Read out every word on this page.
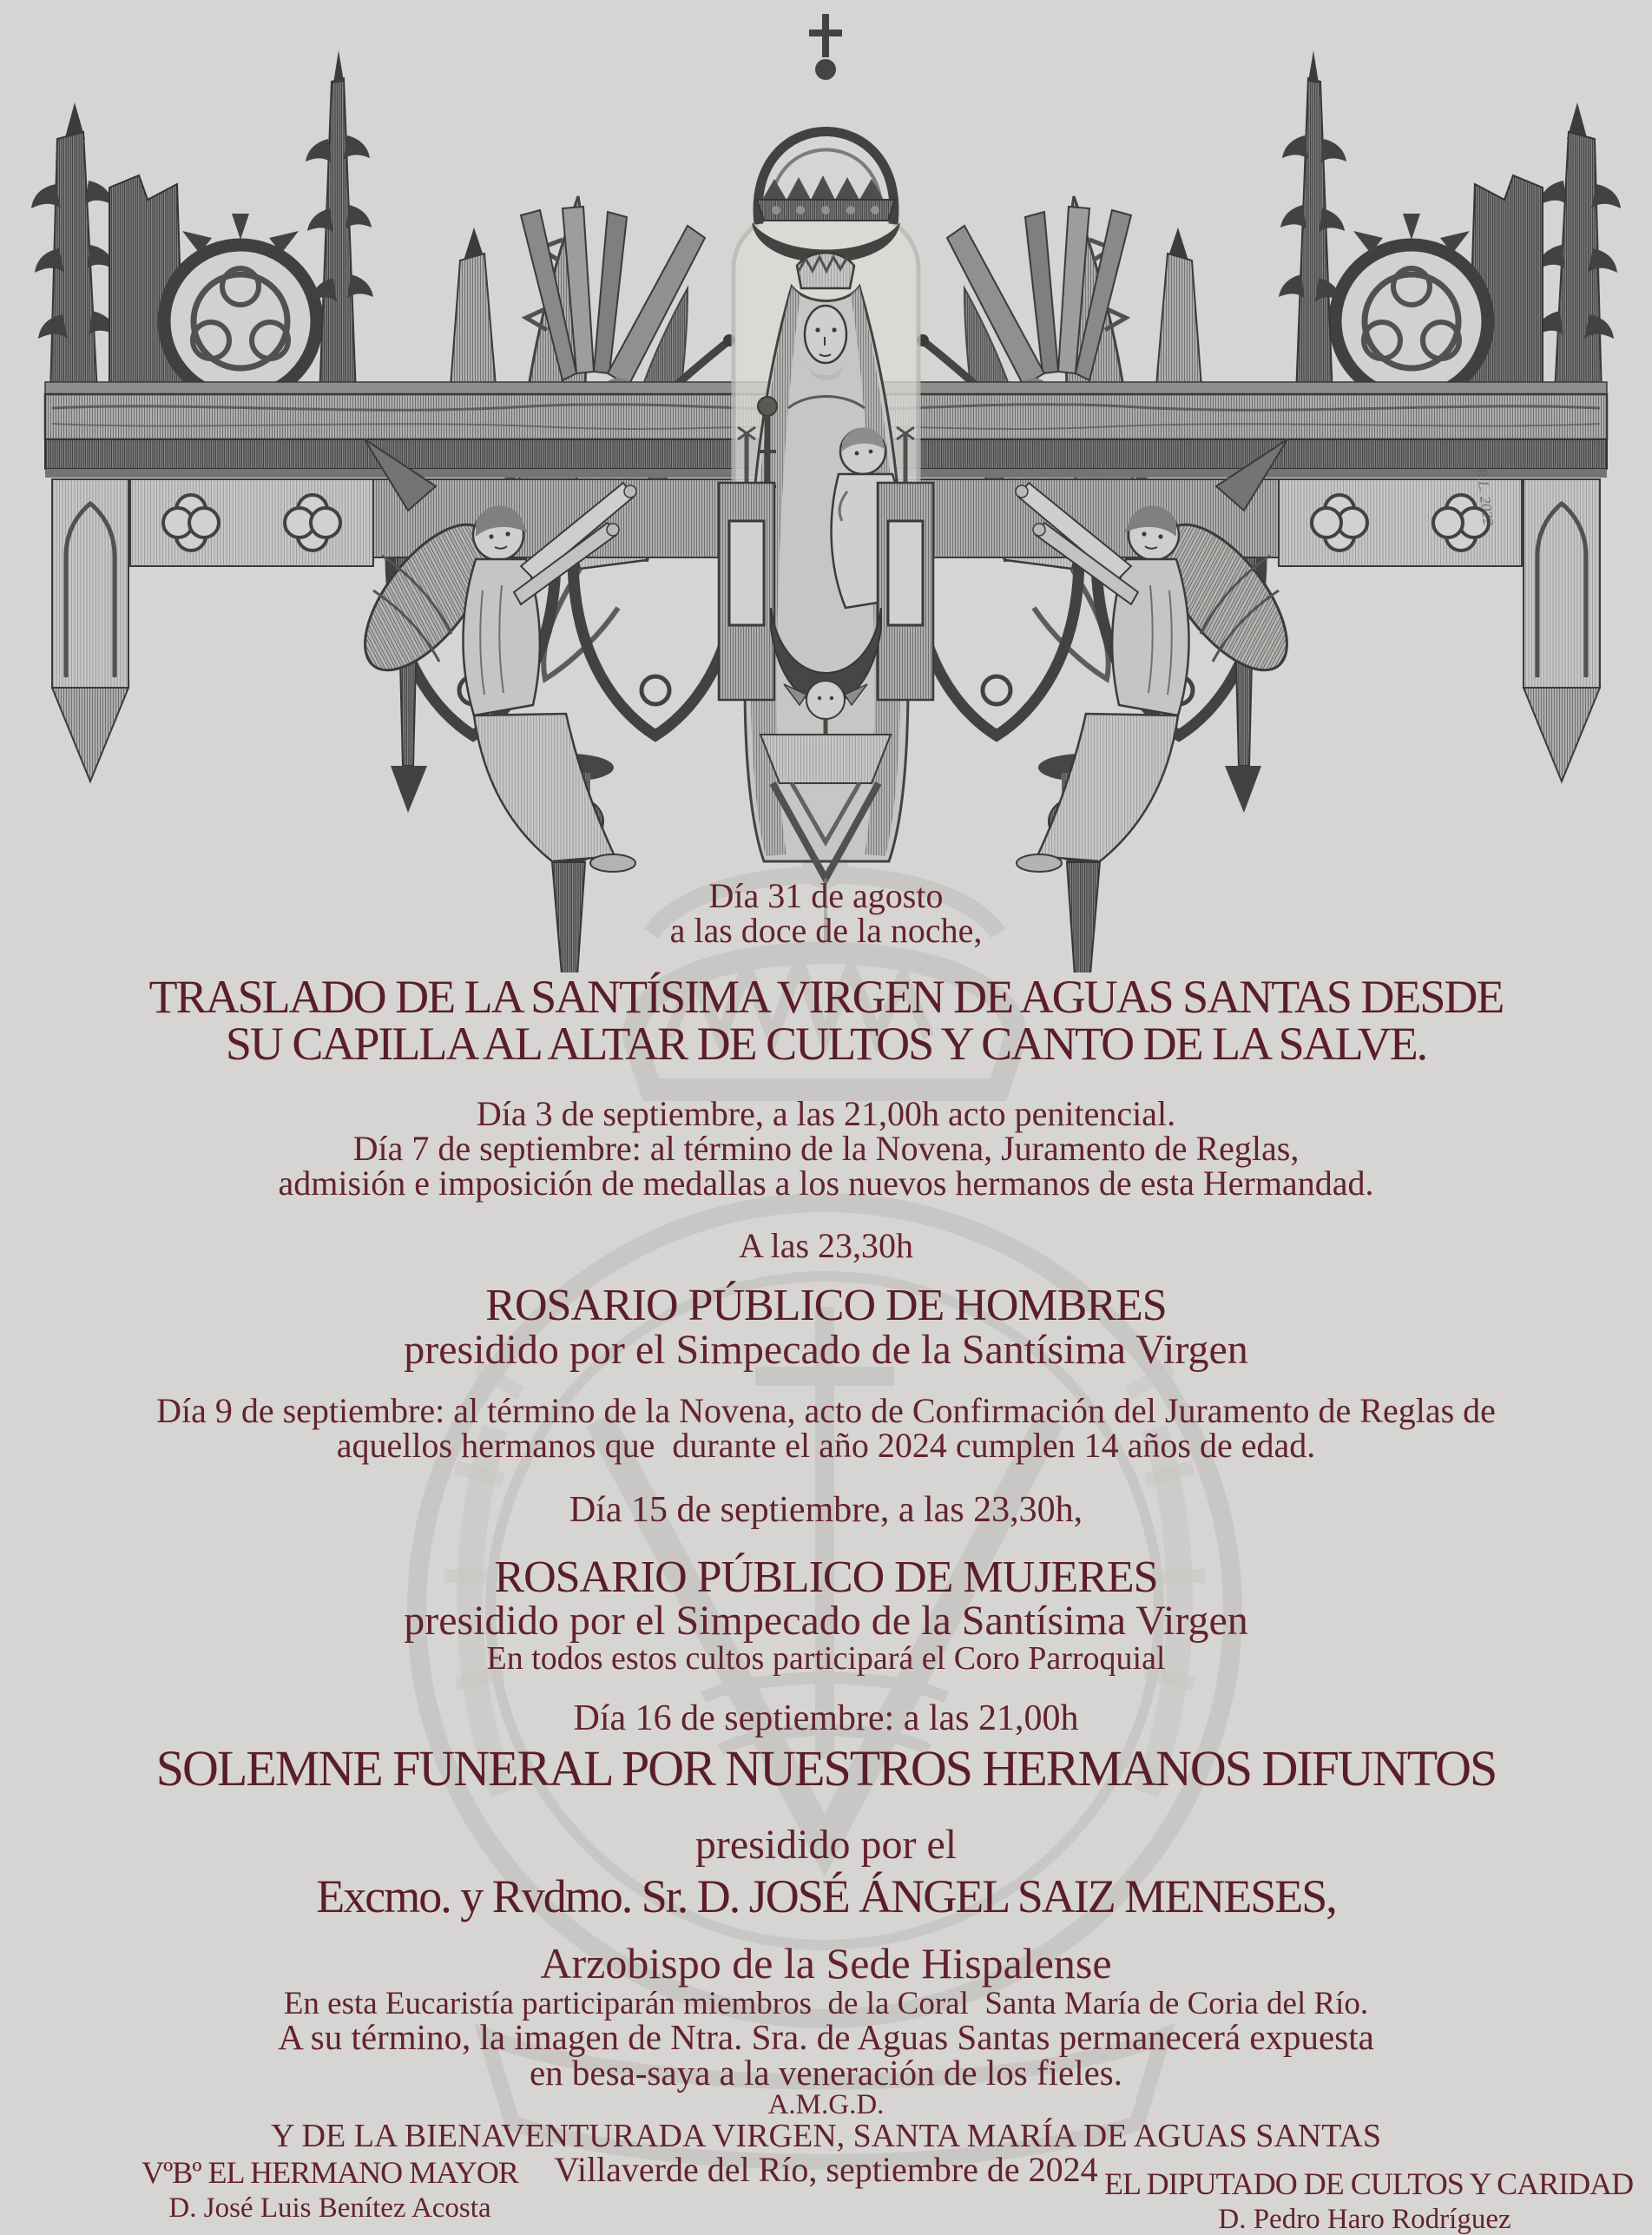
R.L. 2022
Día 31 de agosto
a las doce de la noche,
TRASLADO DE LA SANTÍSIMA VIRGEN DE AGUAS SANTAS DESDE
SU CAPILLA AL ALTAR DE CULTOS Y CANTO DE LA SALVE.
Día 3 de septiembre, a las 21,00h acto penitencial.
Día 7 de septiembre: al término de la Novena, Juramento de Reglas,
admisión e imposición de medallas a los nuevos hermanos de esta Hermandad.
A las 23,30h
ROSARIO PÚBLICO DE HOMBRES
presidido por el Simpecado de la Santísima Virgen
Día 9 de septiembre: al término de la Novena, acto de Confirmación del Juramento de Reglas de
aquellos hermanos que  durante el año 2024 cumplen 14 años de edad.
Día 15 de septiembre, a las 23,30h,
ROSARIO PÚBLICO DE MUJERES
presidido por el Simpecado de la Santísima Virgen
En todos estos cultos participará el Coro Parroquial
Día 16 de septiembre: a las 21,00h
SOLEMNE FUNERAL POR NUESTROS HERMANOS DIFUNTOS
presidido por el
Excmo. y Rvdmo. Sr. D. JOSÉ ÁNGEL SAIZ MENESES,
Arzobispo de la Sede Hispalense
En esta Eucaristía participarán miembros  de la Coral  Santa María de Coria del Río.
A su término, la imagen de Ntra. Sra. de Aguas Santas permanecerá expuesta
en besa-saya a la veneración de los fieles.
A.M.G.D.
Y DE LA BIENAVENTURADA VIRGEN, SANTA MARÍA DE AGUAS SANTAS
Villaverde del Río, septiembre de 2024
VºBº EL HERMANO MAYOR
D. José Luis Benítez Acosta
EL DIPUTADO DE CULTOS Y CARIDAD
D. Pedro Haro Rodríguez
